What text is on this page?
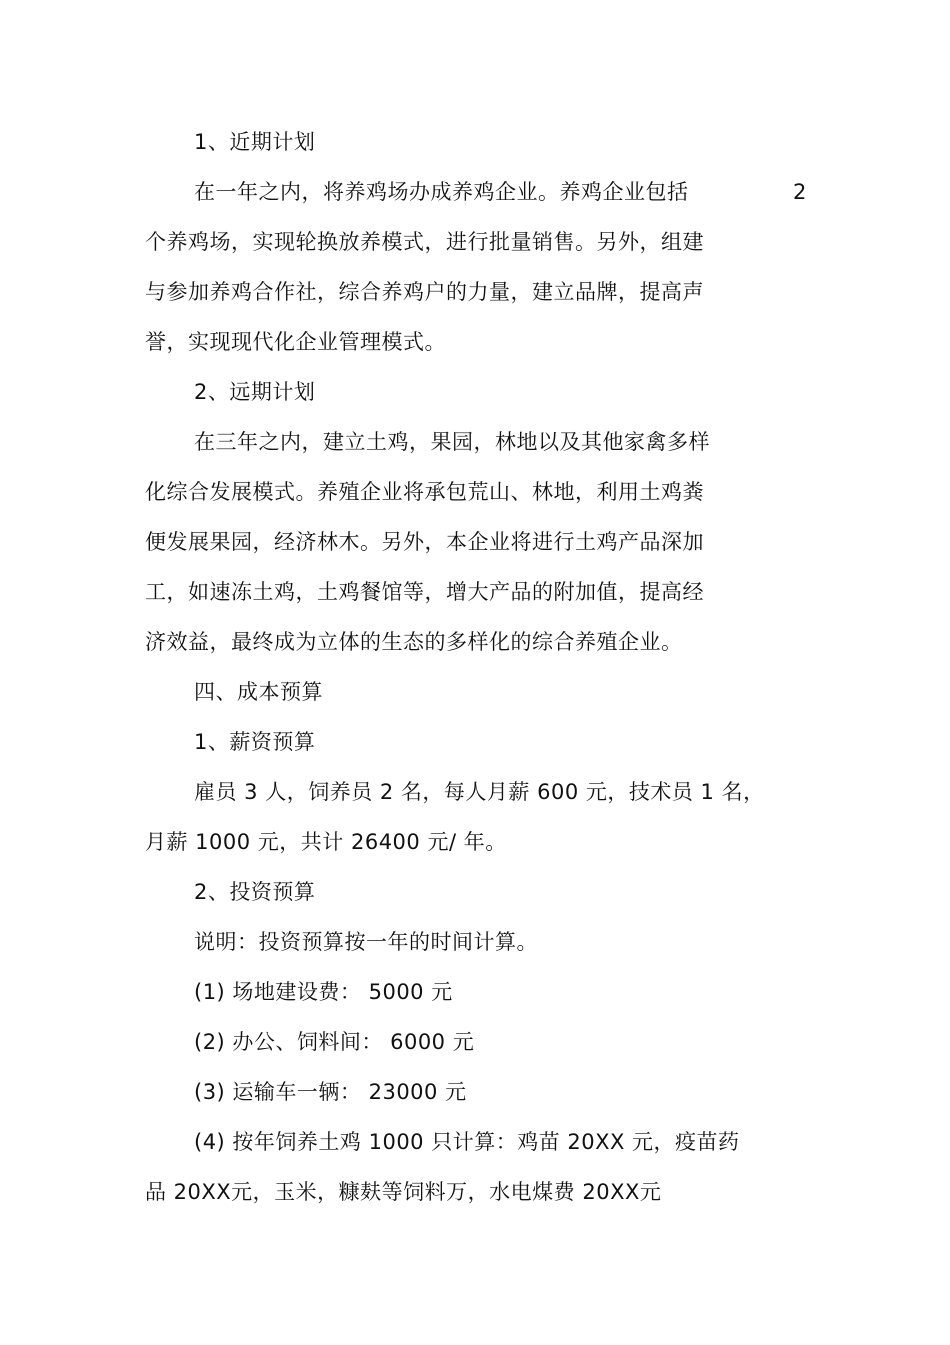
1、近期计划
在一年之内，将养鸡场办成养鸡企业。养鸡企业包括	2
个养鸡场，实现轮换放养模式，进行批量销售。另外，组建
与参加养鸡合作社，综合养鸡户的力量，建立品牌，提高声
誉，实现现代化企业管理模式。
2、远期计划
在三年之内，建立土鸡，果园，林地以及其他家禽多样
化综合发展模式。养殖企业将承包荒山、林地，利用土鸡粪
便发展果园，经济林木。另外，本企业将进行土鸡产品深加
工，如速冻土鸡，土鸡餐馆等，增大产品的附加值，提高经
济效益，最终成为立体的生态的多样化的综合养殖企业。
四、成本预算
1、薪资预算
雇员 3 人，饲养员 2 名，每人月薪 600 元，技术员 1 名，
月薪 1000 元，共计 26400 元/ 年。
2、投资预算
说明：投资预算按一年的时间计算。
(1) 场地建设费： 5000 元
(2) 办公、饲料间： 6000 元
(3) 运输车一辆： 23000 元
(4) 按年饲养土鸡 1000 只计算：鸡苗 20XX 元，疫苗药
品 20XX元，玉米，糠麸等饲料万，水电煤费 20XX元
